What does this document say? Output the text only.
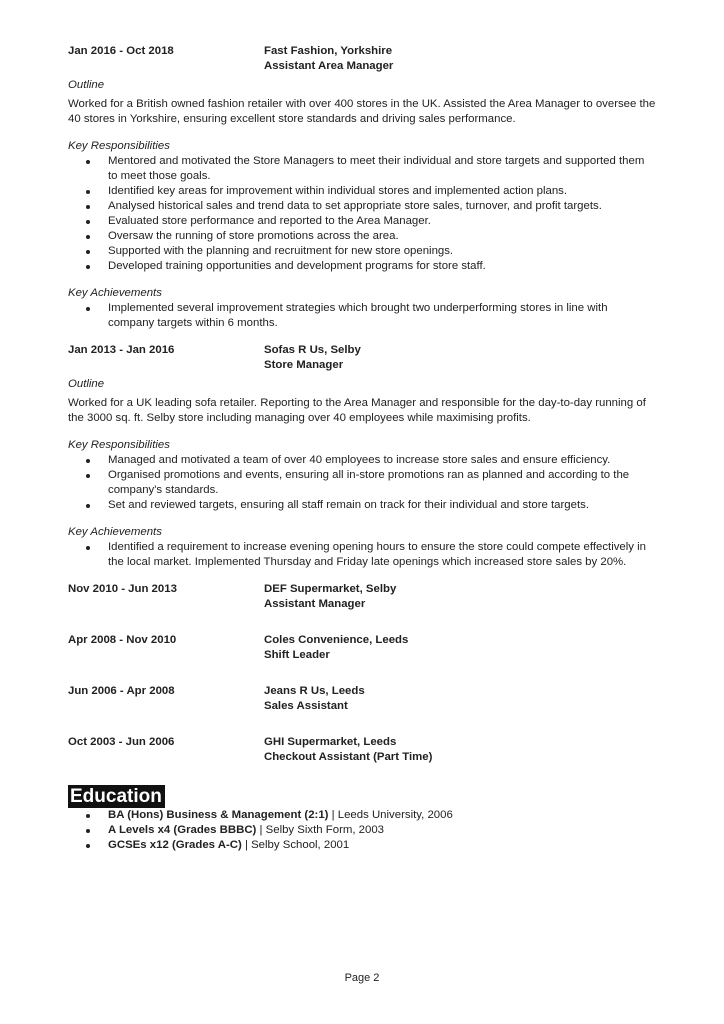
Jan 2016 - Oct 2018	Fast Fashion, Yorkshire
Assistant Area Manager
Outline
Worked for a British owned fashion retailer with over 400 stores in the UK. Assisted the Area Manager to oversee the 40 stores in Yorkshire, ensuring excellent store standards and driving sales performance.
Key Responsibilities
Mentored and motivated the Store Managers to meet their individual and store targets and supported them to meet those goals.
Identified key areas for improvement within individual stores and implemented action plans.
Analysed historical sales and trend data to set appropriate store sales, turnover, and profit targets.
Evaluated store performance and reported to the Area Manager.
Oversaw the running of store promotions across the area.
Supported with the planning and recruitment for new store openings.
Developed training opportunities and development programs for store staff.
Key Achievements
Implemented several improvement strategies which brought two underperforming stores in line with company targets within 6 months.
Jan 2013 - Jan 2016	Sofas R Us, Selby
Store Manager
Outline
Worked for a UK leading sofa retailer. Reporting to the Area Manager and responsible for the day-to-day running of the 3000 sq. ft. Selby store including managing over 40 employees while maximising profits.
Key Responsibilities
Managed and motivated a team of over 40 employees to increase store sales and ensure efficiency.
Organised promotions and events, ensuring all in-store promotions ran as planned and according to the company's standards.
Set and reviewed targets, ensuring all staff remain on track for their individual and store targets.
Key Achievements
Identified a requirement to increase evening opening hours to ensure the store could compete effectively in the local market. Implemented Thursday and Friday late openings which increased store sales by 20%.
Nov 2010 - Jun 2013	DEF Supermarket, Selby
Assistant Manager
Apr 2008 - Nov 2010	Coles Convenience, Leeds
Shift Leader
Jun 2006 - Apr 2008	Jeans R Us, Leeds
Sales Assistant
Oct 2003 - Jun 2006	GHI Supermarket, Leeds
Checkout Assistant (Part Time)
Education
BA (Hons) Business & Management (2:1) | Leeds University, 2006
A Levels x4 (Grades BBBC) | Selby Sixth Form, 2003
GCSEs x12 (Grades A-C) | Selby School, 2001
Page 2
